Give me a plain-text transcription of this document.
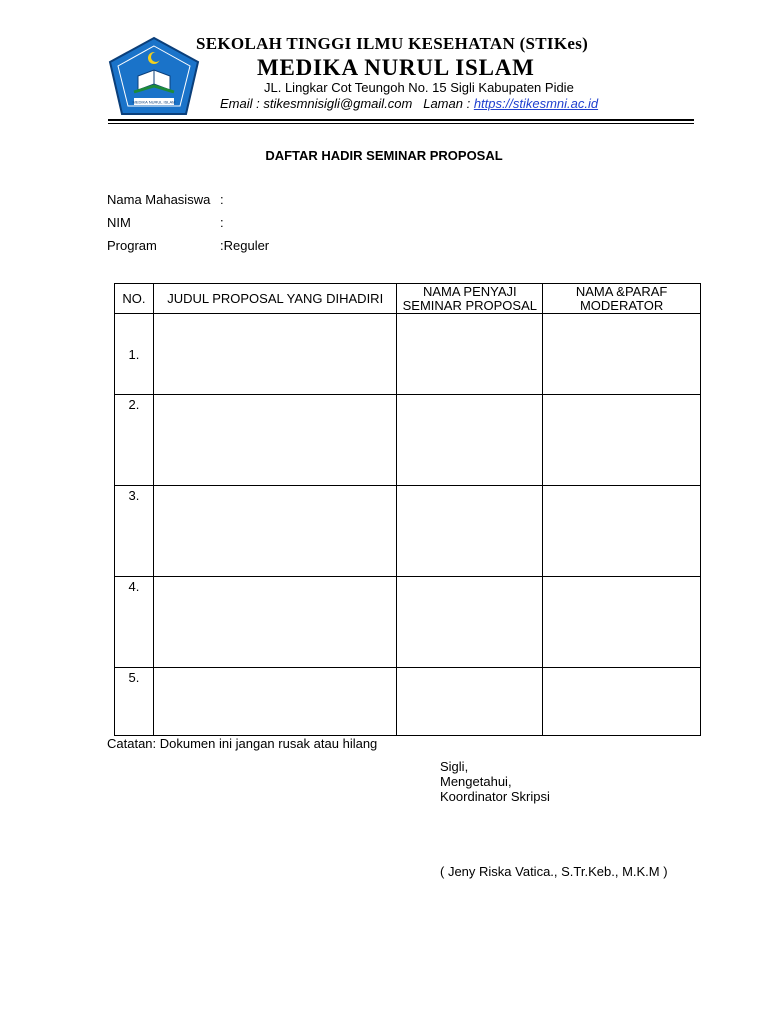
MEDIKA NURUL ISLAM
SEKOLAH TINGGI ILMU KESEHATAN (STIKes)
MEDIKA NURUL ISLAM
JL. Lingkar Cot Teungoh No. 15 Sigli Kabupaten Pidie
Email : stikesmnisigli@gmail.com Laman : https://stikesmni.ac.id
DAFTAR HADIR SEMINAR PROPOSAL
Nama Mahasiswa :
NIM	:
Program	:Reguler
NO.	JUDUL PROPOSAL YANG DIHADIRI	NAMA PENYAJI SEMINAR PROPOSAL	NAMA &PARAF MODERATOR
1.			
2.			
3.			
4.			
5.			
Catatan: Dokumen ini jangan rusak atau hilang
Sigli,
Mengetahui,
Koordinator Skripsi
( Jeny Riska Vatica., S.Tr.Keb., M.K.M )
